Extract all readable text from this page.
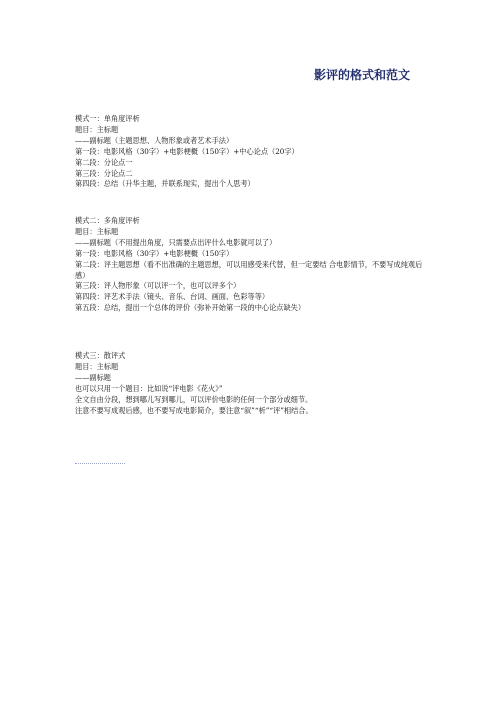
影评的格式和范文

模式一：单角度评析

题目：主标题

——副标题（主题思想、人物形象或者艺术手法）

第一段：电影风格（30字）+电影梗概（150字）+中心论点（20字）

第二段：分论点一

第三段：分论点二

第四段：总结（升华主题，并联系现实，提出个人思考）

模式二：多角度评析

题目：主标题

——副标题（不用提出角度，只需要点出评什么电影就可以了）

第一段：电影风格（30字）+电影梗概（150字）

第二段：评主题思想（看不出准确的主题思想，可以用感受来代替，但一定要结 合电影情节，不要写成纯观后感）

第三段：评人物形象（可以评一个，也可以评多个）

第四段：评艺术手法（镜头、音乐、台词、画面、色彩等等）

第五段：总结，提出一个总体的评价（弥补开始第一段的中心论点缺失）

模式三：散评式

题目：主标题

——副标题

也可以只用一个题目：比如说“评电影《花火》”

全文自由分段，想到哪儿写到哪儿，可以评价电影的任何一个部分或细节。

注意不要写成观后感，也不要写成电影简介，要注意“叙”“析”“评”相结合。
